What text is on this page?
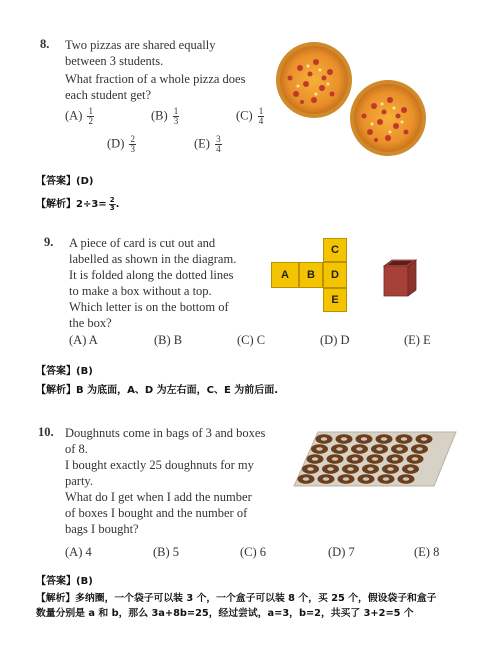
8. Two pizzas are shared equally
between 3 students.
What fraction of a whole pizza does
each student get?
$(A) \frac{1}{2}$	$(B) \frac{1}{3}$	$(C) \frac{1}{4}$
$(D) \frac{2}{3}$	$(E) \frac{3}{4}$
【答案】(D)
【解析】$2\div 3= \frac{2}{3}$ .
9. A piece of card is cut out and
labelled as shown in the diagram.
It is folded along the dotted lines
to make a box without a top.
Which letter is on the bottom of
the box?
C
A	B	D
E
(A) A	(B) B	(C) C	(D) D	(E) E
【答案】(B)
【解析】B 为底面，A、D 为左右面，C、E 为前后面.
10. Doughnuts come in bags of 3 and boxes
of 8.
I bought exactly 25 doughnuts for my
party.
What do I get when I add the number
of boxes I bought and the number of
bags I bought?
(A) 4	(B) 5	(C) 6	(D) 7	(E) 8
【答案】(B)
【解析】多纳圈，一个袋子可以装 3 个，一个盒子可以装 8 个，买 25 个，假设袋子和盒子
数量分别是 a 和 b，那么 3a+8b=25，经过尝试，a=3，b=2，共买了 3+2=5 个
